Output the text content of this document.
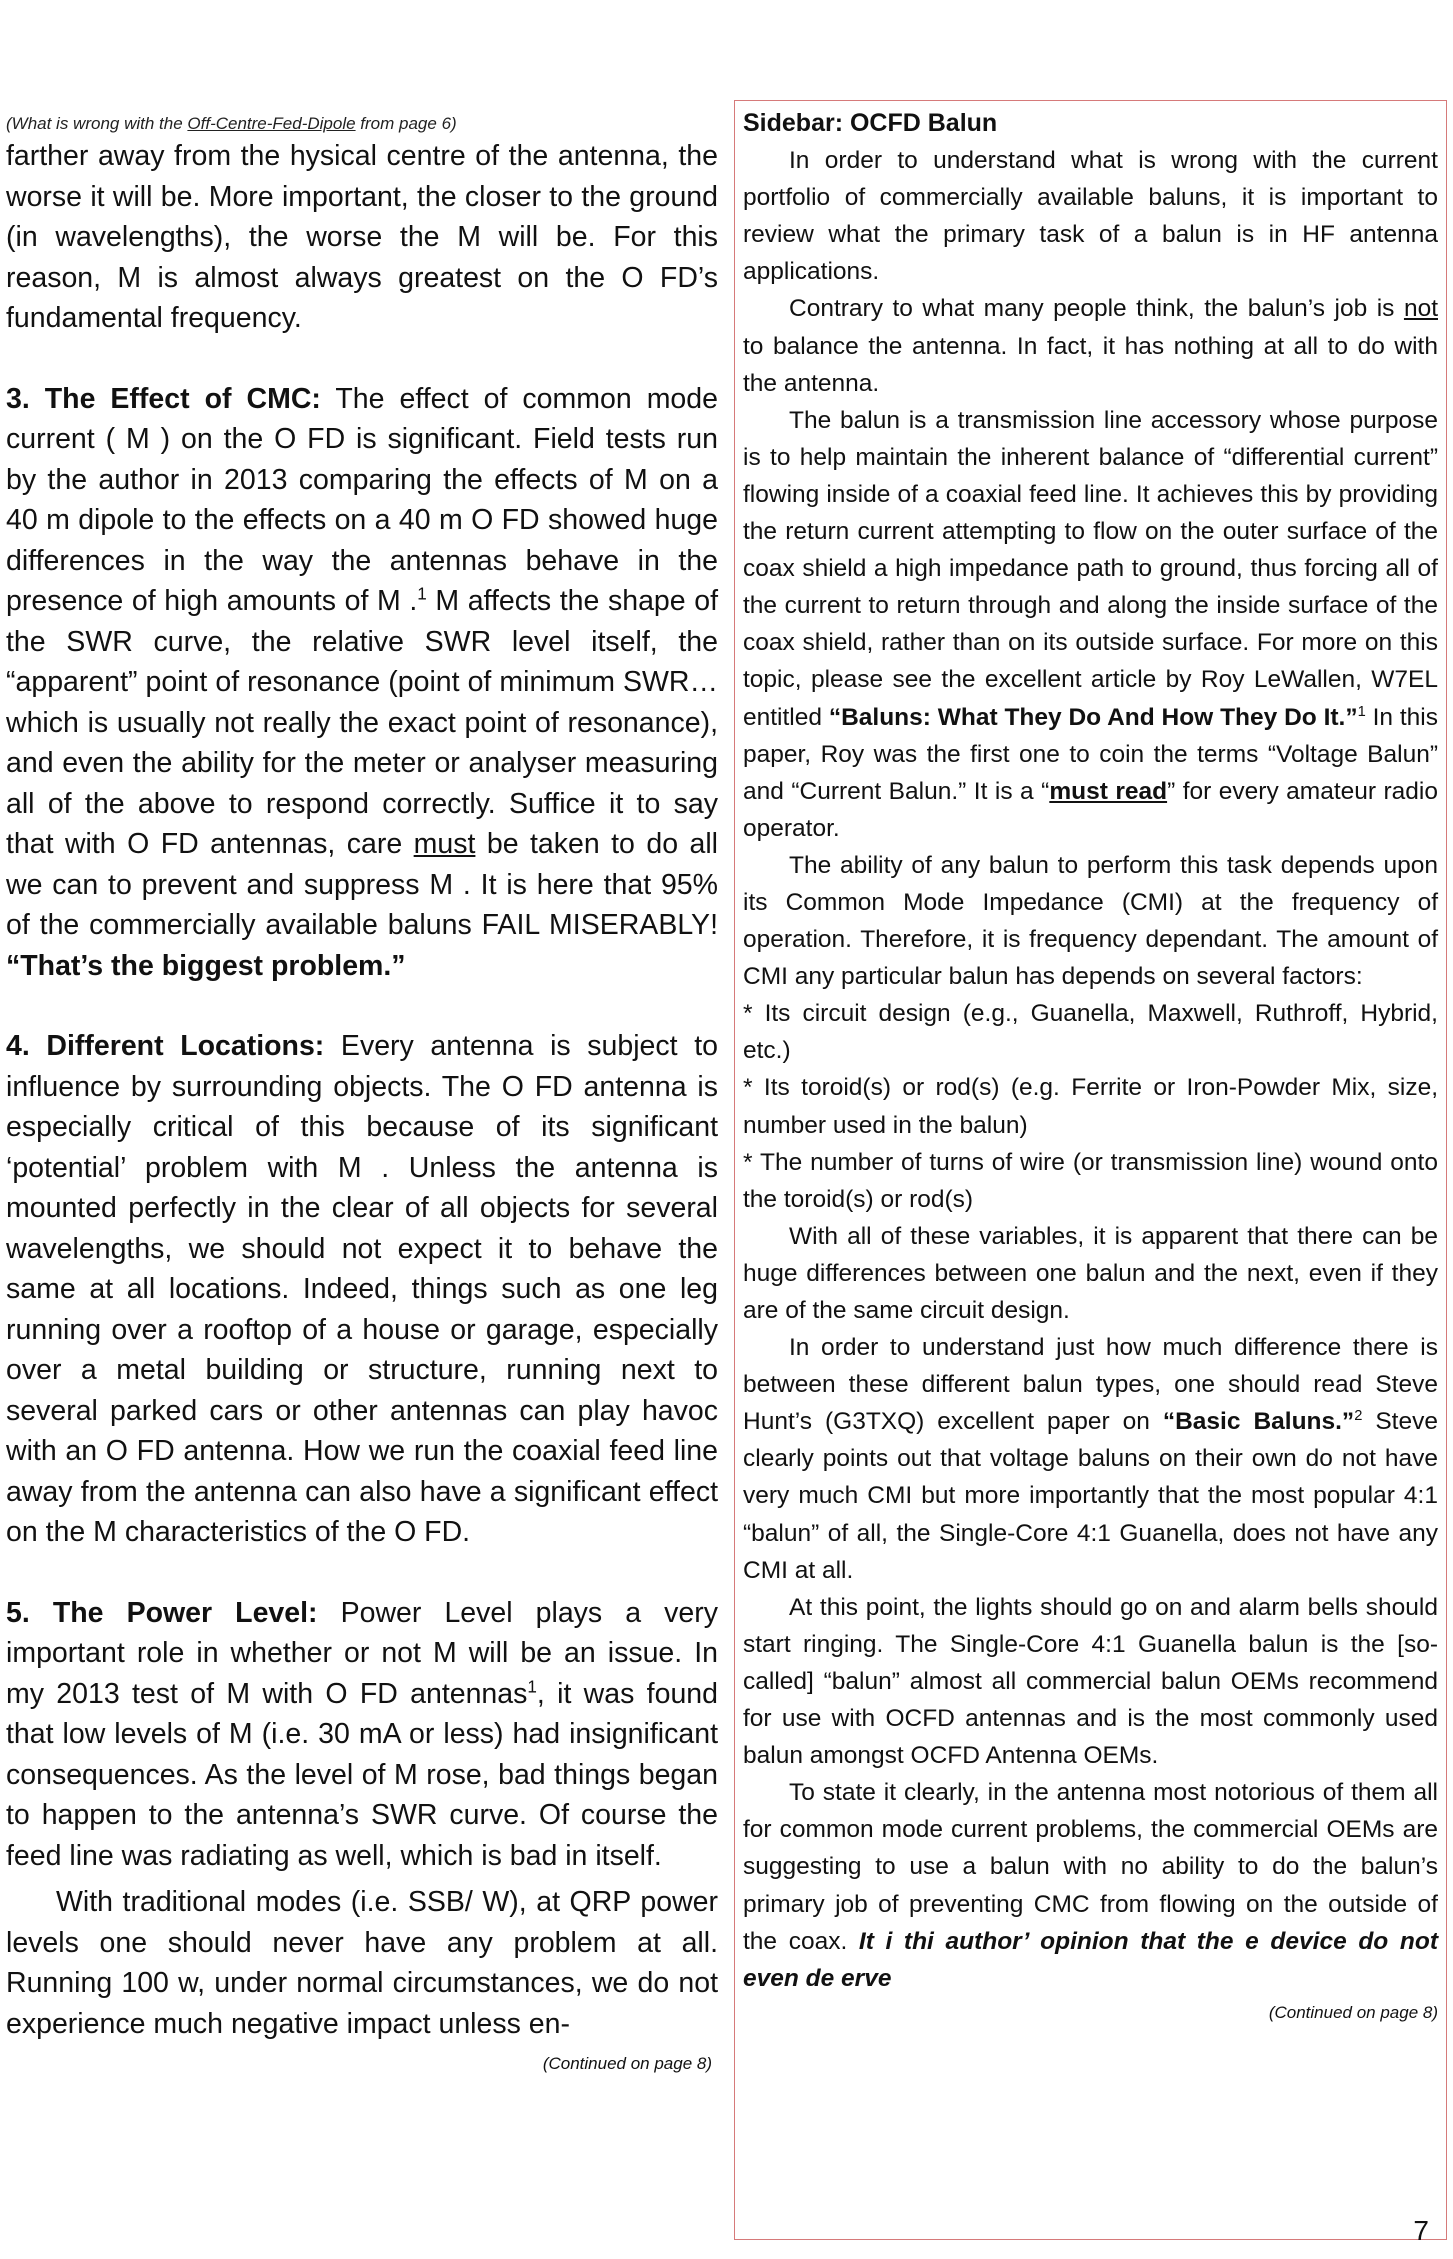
(What is wrong with the Off-Centre-Fed-Dipole from page 6)

farther away from the hysical centre of the antenna, the worse it will be. More important, the closer to the ground (in wavelengths), the worse the M will be. For this reason, M is almost always greatest on the O FD’s fundamental frequency.

3. The Effect of CMC: The effect of common mode current ( M ) on the O FD is significant. Field tests run by the author in 2013 comparing the effects of M on a 40 m dipole to the effects on a 40 m O FD showed huge differences in the way the antennas behave in the presence of high amounts of M .$^1$ M affects the shape of the SWR curve, the relative SWR level itself, the “apparent” point of resonance (point of minimum SWR… which is usually not really the exact point of resonance), and even the ability for the meter or analyser measuring all of the above to respond correctly. Suffice it to say that with O FD antennas, care must be taken to do all we can to prevent and suppress M . It is here that 95% of the commercially available baluns FAIL MISERABLY! “That’s the biggest problem.”

4. Different Locations: Every antenna is subject to influence by surrounding objects. The O FD antenna is especially critical of this because of its significant ‘potential’ problem with M . Unless the antenna is mounted perfectly in the clear of all objects for several wavelengths, we should not expect it to behave the same at all locations. Indeed, things such as one leg running over a rooftop of a house or garage, especially over a metal building or structure, running next to several parked cars or other antennas can play havoc with an O FD antenna. How we run the coaxial feed line away from the antenna can also have a significant effect on the M characteristics of the O FD.

5. The Power Level: Power Level plays a very important role in whether or not M will be an issue. In my 2013 test of M with O FD antennas$^1$, it was found that low levels of M (i.e. 30 mA or less) had insignificant consequences. As the level of M rose, bad things began to happen to the antenna’s SWR curve. Of course the feed line was radiating as well, which is bad in itself.

With traditional modes (i.e. SSB/ W), at QRP power levels one should never have any problem at all. Running 100 w, under normal circumstances, we do not experience much negative impact unless en-

(Continued on page 8)
Sidebar: OCFD Balun

In order to understand what is wrong with the current portfolio of commercially available baluns, it is important to review what the primary task of a balun is in HF antenna applications.

Contrary to what many people think, the balun’s job is not to balance the antenna. In fact, it has nothing at all to do with the antenna.

The balun is a transmission line accessory whose purpose is to help maintain the inherent balance of “differential current” flowing inside of a coaxial feed line. It achieves this by providing the return current attempting to flow on the outer surface of the coax shield a high impedance path to ground, thus forcing all of the current to return through and along the inside surface of the coax shield, rather than on its outside surface. For more on this topic, please see the excellent article by Roy LeWallen, W7EL entitled “Baluns: What They Do And How They Do It.”$^1$ In this paper, Roy was the first one to coin the terms “Voltage Balun” and “Current Balun.” It is a “must read” for every amateur radio operator.

The ability of any balun to perform this task depends upon its Common Mode Impedance (CMI) at the frequency of operation. Therefore, it is frequency dependant. The amount of CMI any particular balun has depends on several factors:

* Its circuit design (e.g., Guanella, Maxwell, Ruthroff, Hybrid, etc.)

* Its toroid(s) or rod(s) (e.g. Ferrite or Iron-Powder Mix, size, number used in the balun)

* The number of turns of wire (or transmission line) wound onto the toroid(s) or rod(s)

With all of these variables, it is apparent that there can be huge differences between one balun and the next, even if they are of the same circuit design.

In order to understand just how much difference there is between these different balun types, one should read Steve Hunt’s (G3TXQ) excellent paper on “Basic Baluns.”$^2$ Steve clearly points out that voltage baluns on their own do not have very much CMI but more importantly that the most popular 4:1 “balun” of all, the Single-Core 4:1 Guanella, does not have any CMI at all.

At this point, the lights should go on and alarm bells should start ringing. The Single-Core 4:1 Guanella balun is the [so-called] “balun” almost all commercial balun OEMs recommend for use with OCFD antennas and is the most commonly used balun amongst OCFD Antenna OEMs.

To state it clearly, in the antenna most notorious of them all for common mode current problems, the commercial OEMs are suggesting to use a balun with no ability to do the balun’s primary job of preventing CMC from flowing on the outside of the coax. It i thi author’ opinion that the e device do not even de erve

(Continued on page 8)
7
